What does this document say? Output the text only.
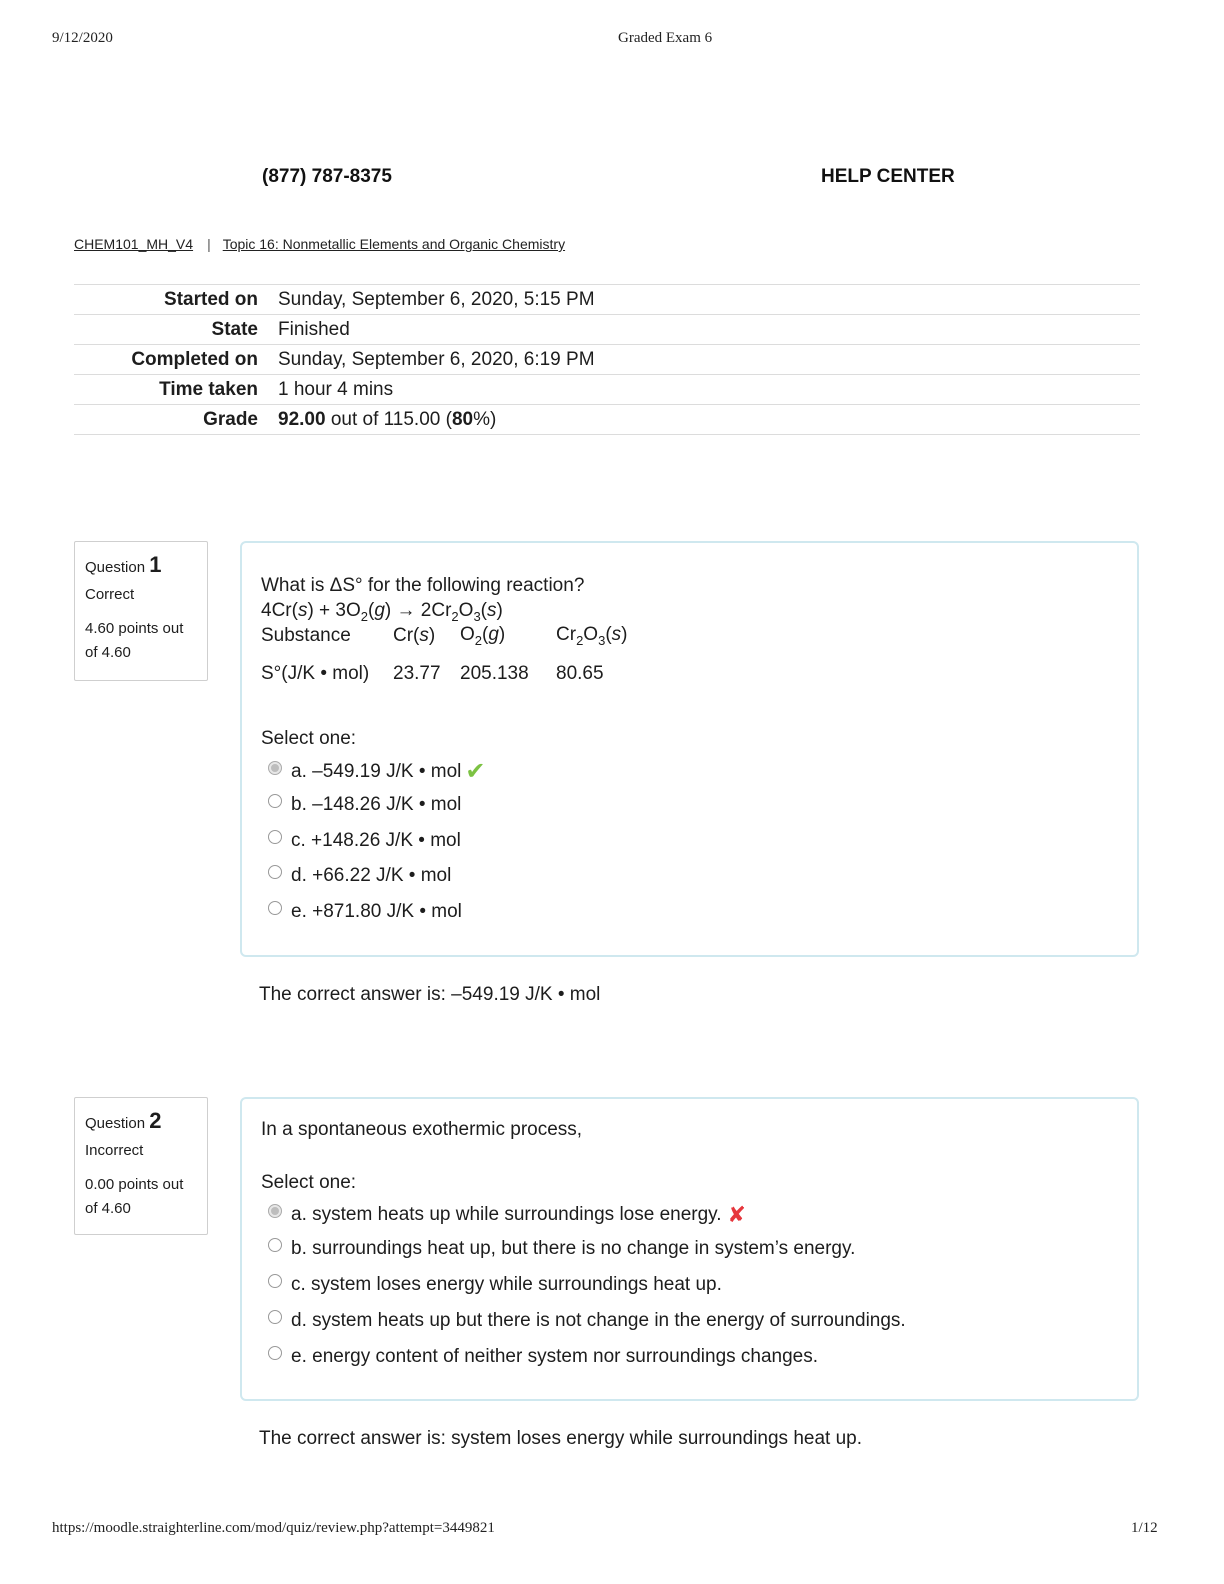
9/12/2020	Graded Exam 6
(877) 787-8375	HELP CENTER
CHEM101_MH_V4 | Topic 16: Nonmetallic Elements and Organic Chemistry
Started on	Sunday, September 6, 2020, 5:15 PM
State	Finished
Completed on	Sunday, September 6, 2020, 6:19 PM
Time taken	1 hour 4 mins
Grade	92.00 out of 115.00 (80%)
Question 1
Correct
4.60 points out of 4.60
What is ΔS° for the following reaction?
$4Cr(s) + 3O_2(g) \to 2Cr_2O_3(s)$
Substance	Cr(s)	$O_2(g)$	$Cr_2O_3(s)$
S°(J/K • mol)	23.77	205.138	80.65
Select one:
a. –549.19 J/K • mol ✔
b. –148.26 J/K • mol
c. +148.26 J/K • mol
d. +66.22 J/K • mol
e. +871.80 J/K • mol
The correct answer is: –549.19 J/K • mol
Question 2
Incorrect
0.00 points out of 4.60
In a spontaneous exothermic process,
Select one:
a. system heats up while surroundings lose energy. ✘
b. surroundings heat up, but there is no change in system’s energy.
c. system loses energy while surroundings heat up.
d. system heats up but there is not change in the energy of surroundings.
e. energy content of neither system nor surroundings changes.
The correct answer is: system loses energy while surroundings heat up.
https://moodle.straighterline.com/mod/quiz/review.php?attempt=3449821	1/12
